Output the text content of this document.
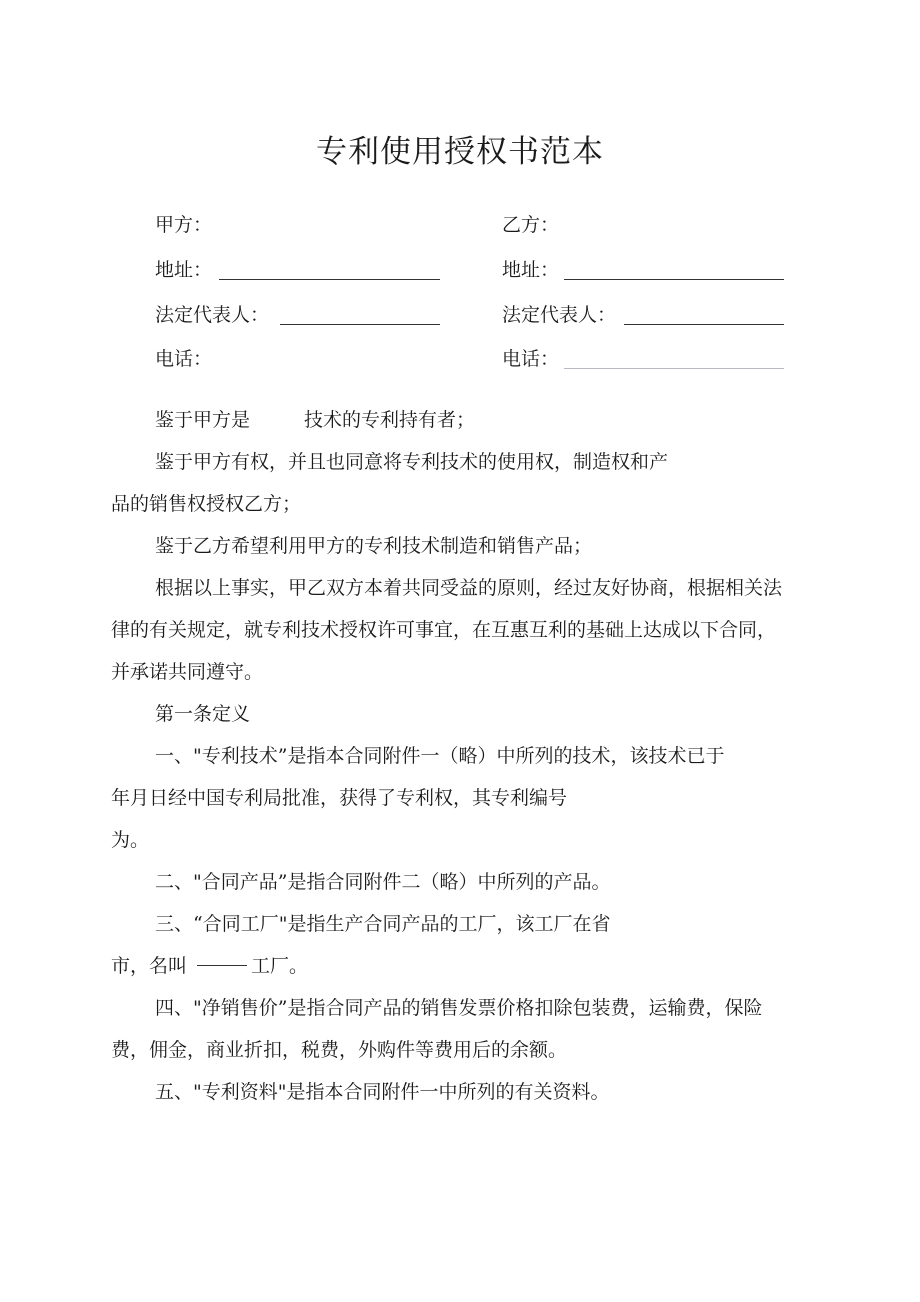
专利使用授权书范本
甲方：
地址：
法定代表人：
电话：
乙方：
地址：
法定代表人：
电话：
鉴于甲方是	技术的专利持有者；
鉴于甲方有权，并且也同意将专利技术的使用权，制造权和产
品的销售权授权乙方；
鉴于乙方希望利用甲方的专利技术制造和销售产品；
根据以上事实，甲乙双方本着共同受益的原则，经过友好协商，根据相关法
律的有关规定，就专利技术授权许可事宜，在互惠互利的基础上达成以下合同，
并承诺共同遵守。
第一条定义
一、"专利技术”是指本合同附件一（略）中所列的技术，该技术已于
年月日经中国专利局批准，获得了专利权，其专利编号
为。
二、"合同产品”是指合同附件二（略）中所列的产品。
三、“合同工厂"是指生产合同产品的工厂，该工厂在省
市，名叫	工厂。
四、"净销售价”是指合同产品的销售发票价格扣除包装费，运输费，保险
费，佣金，商业折扣，税费，外购件等费用后的余额。
五、"专利资料"是指本合同附件一中所列的有关资料。
